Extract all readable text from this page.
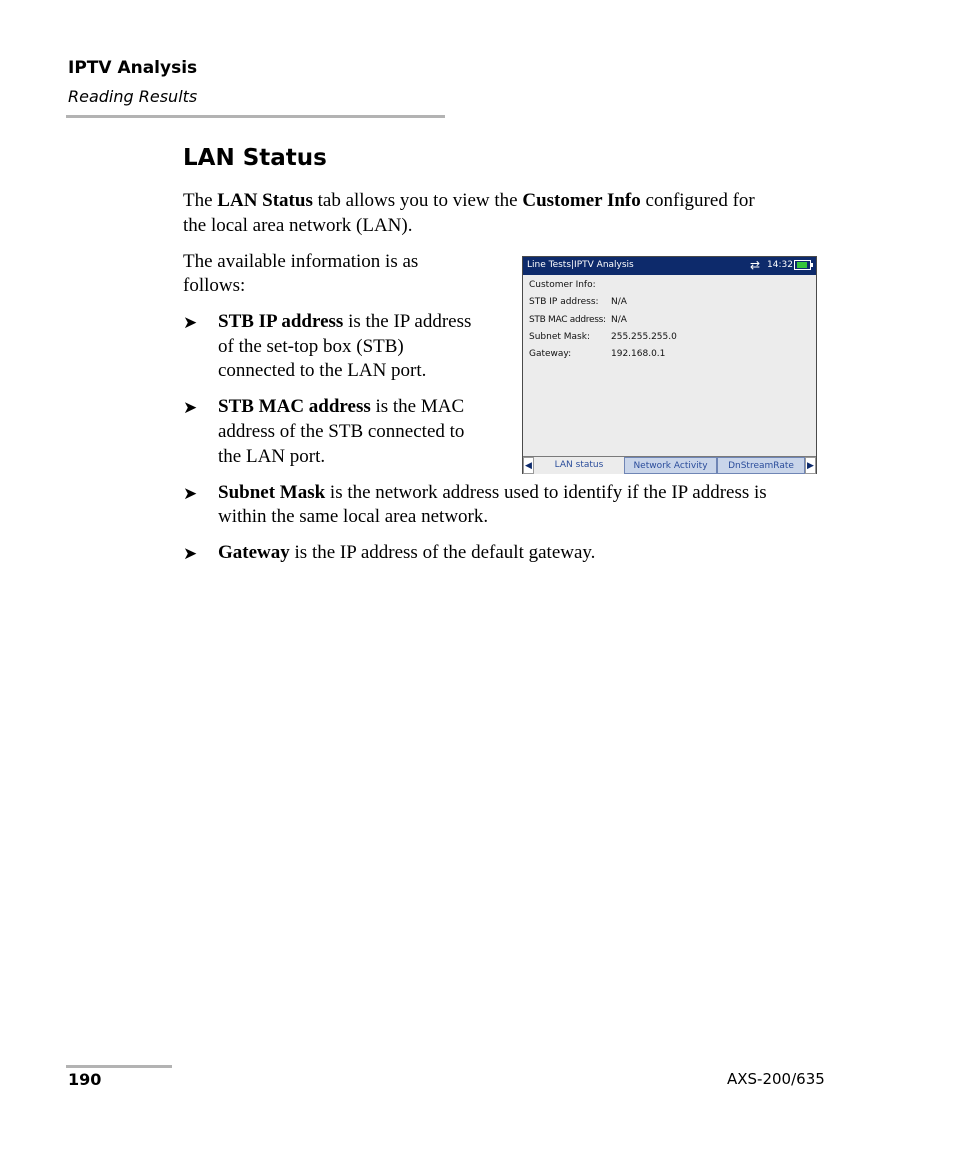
IPTV Analysis
Reading Results
LAN Status
The LAN Status tab allows you to view the Customer Info configured for
the local area network (LAN).
The available information is as
follows:
➤ STB IP address is the IP address
of the set-top box (STB)
connected to the LAN port.
➤ STB MAC address is the MAC
address of the STB connected to
the LAN port.
➤ Subnet Mask is the network address used to identify if the IP address is
within the same local area network.
➤ Gateway is the IP address of the default gateway.
Line Tests|IPTV Analysis	⇄ 14:32
Customer Info:
STB IP address: N/A
STB MAC address: N/A
Subnet Mask: 255.255.255.0
Gateway:	192.168.0.1
◀	LAN status	Network Activity	DnStreamRate	▶
190	AXS-200/635
